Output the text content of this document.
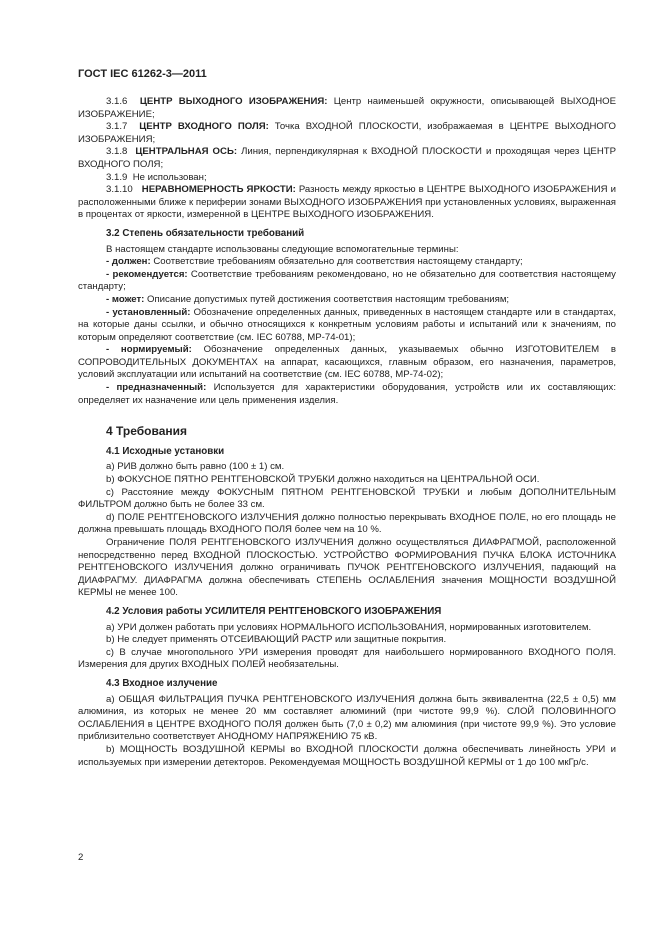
ГОСТ IEC 61262-3—2011

3.1.6 ЦЕНТР ВЫХОДНОГО ИЗОБРАЖЕНИЯ: Центр наименьшей окружности, описывающей ВЫХОДНОЕ ИЗОБРАЖЕНИЕ;

3.1.7 ЦЕНТР ВХОДНОГО ПОЛЯ: Точка ВХОДНОЙ ПЛОСКОСТИ, изображаемая в ЦЕНТРЕ ВЫХОДНОГО ИЗОБРАЖЕНИЯ;

3.1.8 ЦЕНТРАЛЬНАЯ ОСЬ: Линия, перпендикулярная к ВХОДНОЙ ПЛОСКОСТИ и проходящая через ЦЕНТР ВХОДНОГО ПОЛЯ;

3.1.9 Не использован;

3.1.10 НЕРАВНОМЕРНОСТЬ ЯРКОСТИ: Разность между яркостью в ЦЕНТРЕ ВЫХОДНОГО ИЗОБРАЖЕНИЯ и расположенными ближе к периферии зонами ВЫХОДНОГО ИЗОБРАЖЕНИЯ при установленных условиях, выраженная в процентах от яркости, измеренной в ЦЕНТРЕ ВЫХОДНОГО ИЗОБРАЖЕНИЯ.

3.2 Степень обязательности требований

В настоящем стандарте использованы следующие вспомогательные термины:

- должен: Соответствие требованиям обязательно для соответствия настоящему стандарту;

- рекомендуется: Соответствие требованиям рекомендовано, но не обязательно для соответствия настоящему стандарту;

- может: Описание допустимых путей достижения соответствия настоящим требованиям;

- установленный: Обозначение определенных данных, приведенных в настоящем стандарте или в стандартах, на которые даны ссылки, и обычно относящихся к конкретным условиям работы и испытаний или к значениям, по которым определяют соответствие (см. IEC 60788, MP-74-01);

- нормируемый: Обозначение определенных данных, указываемых обычно ИЗГОТОВИТЕЛЕМ в СОПРОВОДИТЕЛЬНЫХ ДОКУМЕНТАХ на аппарат, касающихся, главным образом, его назначения, параметров, условий эксплуатации или испытаний на соответствие (см. IEC 60788, MP-74-02);

- предназначенный: Используется для характеристики оборудования, устройств или их составляющих: определяет их назначение или цель применения изделия.

4 Требования
4.1 Исходные установки

a) РИВ должно быть равно (100 ± 1) см.

b) ФОКУСНОЕ ПЯТНО РЕНТГЕНОВСКОЙ ТРУБКИ должно находиться на ЦЕНТРАЛЬНОЙ ОСИ.

c) Расстояние между ФОКУСНЫМ ПЯТНОМ РЕНТГЕНОВСКОЙ ТРУБКИ и любым ДОПОЛНИТЕЛЬНЫМ ФИЛЬТРОМ должно быть не более 33 см.

d) ПОЛЕ РЕНТГЕНОВСКОГО ИЗЛУЧЕНИЯ должно полностью перекрывать ВХОДНОЕ ПОЛЕ, но его площадь не должна превышать площадь ВХОДНОГО ПОЛЯ более чем на 10 %.

Ограничение ПОЛЯ РЕНТГЕНОВСКОГО ИЗЛУЧЕНИЯ должно осуществляться ДИАФРАГМОЙ, расположенной непосредственно перед ВХОДНОЙ ПЛОСКОСТЬЮ. УСТРОЙСТВО ФОРМИРОВАНИЯ ПУЧКА БЛОКА ИСТОЧНИКА РЕНТГЕНОВСКОГО ИЗЛУЧЕНИЯ должно ограничивать ПУЧОК РЕНТГЕНОВСКОГО ИЗЛУЧЕНИЯ, падающий на ДИАФРАГМУ. ДИАФРАГМА должна обеспечивать СТЕПЕНЬ ОСЛАБЛЕНИЯ значения МОЩНОСТИ ВОЗДУШНОЙ КЕРМЫ не менее 100.

4.2 Условия работы УСИЛИТЕЛЯ РЕНТГЕНОВСКОГО ИЗОБРАЖЕНИЯ

a) УРИ должен работать при условиях НОРМАЛЬНОГО ИСПОЛЬЗОВАНИЯ, нормированных изготовителем.

b) Не следует применять ОТСЕИВАЮЩИЙ РАСТР или защитные покрытия.

c) В случае многопольного УРИ измерения проводят для наибольшего нормированного ВХОДНОГО ПОЛЯ. Измерения для других ВХОДНЫХ ПОЛЕЙ необязательны.

4.3 Входное излучение

a) ОБЩАЯ ФИЛЬТРАЦИЯ ПУЧКА РЕНТГЕНОВСКОГО ИЗЛУЧЕНИЯ должна быть эквивалентна (22,5 ± 0,5) мм алюминия, из которых не менее 20 мм составляет алюминий (при чистоте 99,9 %). СЛОЙ ПОЛОВИННОГО ОСЛАБЛЕНИЯ в ЦЕНТРЕ ВХОДНОГО ПОЛЯ должен быть (7,0 ± 0,2) мм алюминия (при чистоте 99,9 %). Это условие приблизительно соответствует АНОДНОМУ НАПРЯЖЕНИЮ 75 кВ.

b) МОЩНОСТЬ ВОЗДУШНОЙ КЕРМЫ во ВХОДНОЙ ПЛОСКОСТИ должна обеспечивать линейность УРИ и используемых при измерении детекторов. Рекомендуемая МОЩНОСТЬ ВОЗДУШНОЙ КЕРМЫ от 1 до 100 мкГр/с.

2
